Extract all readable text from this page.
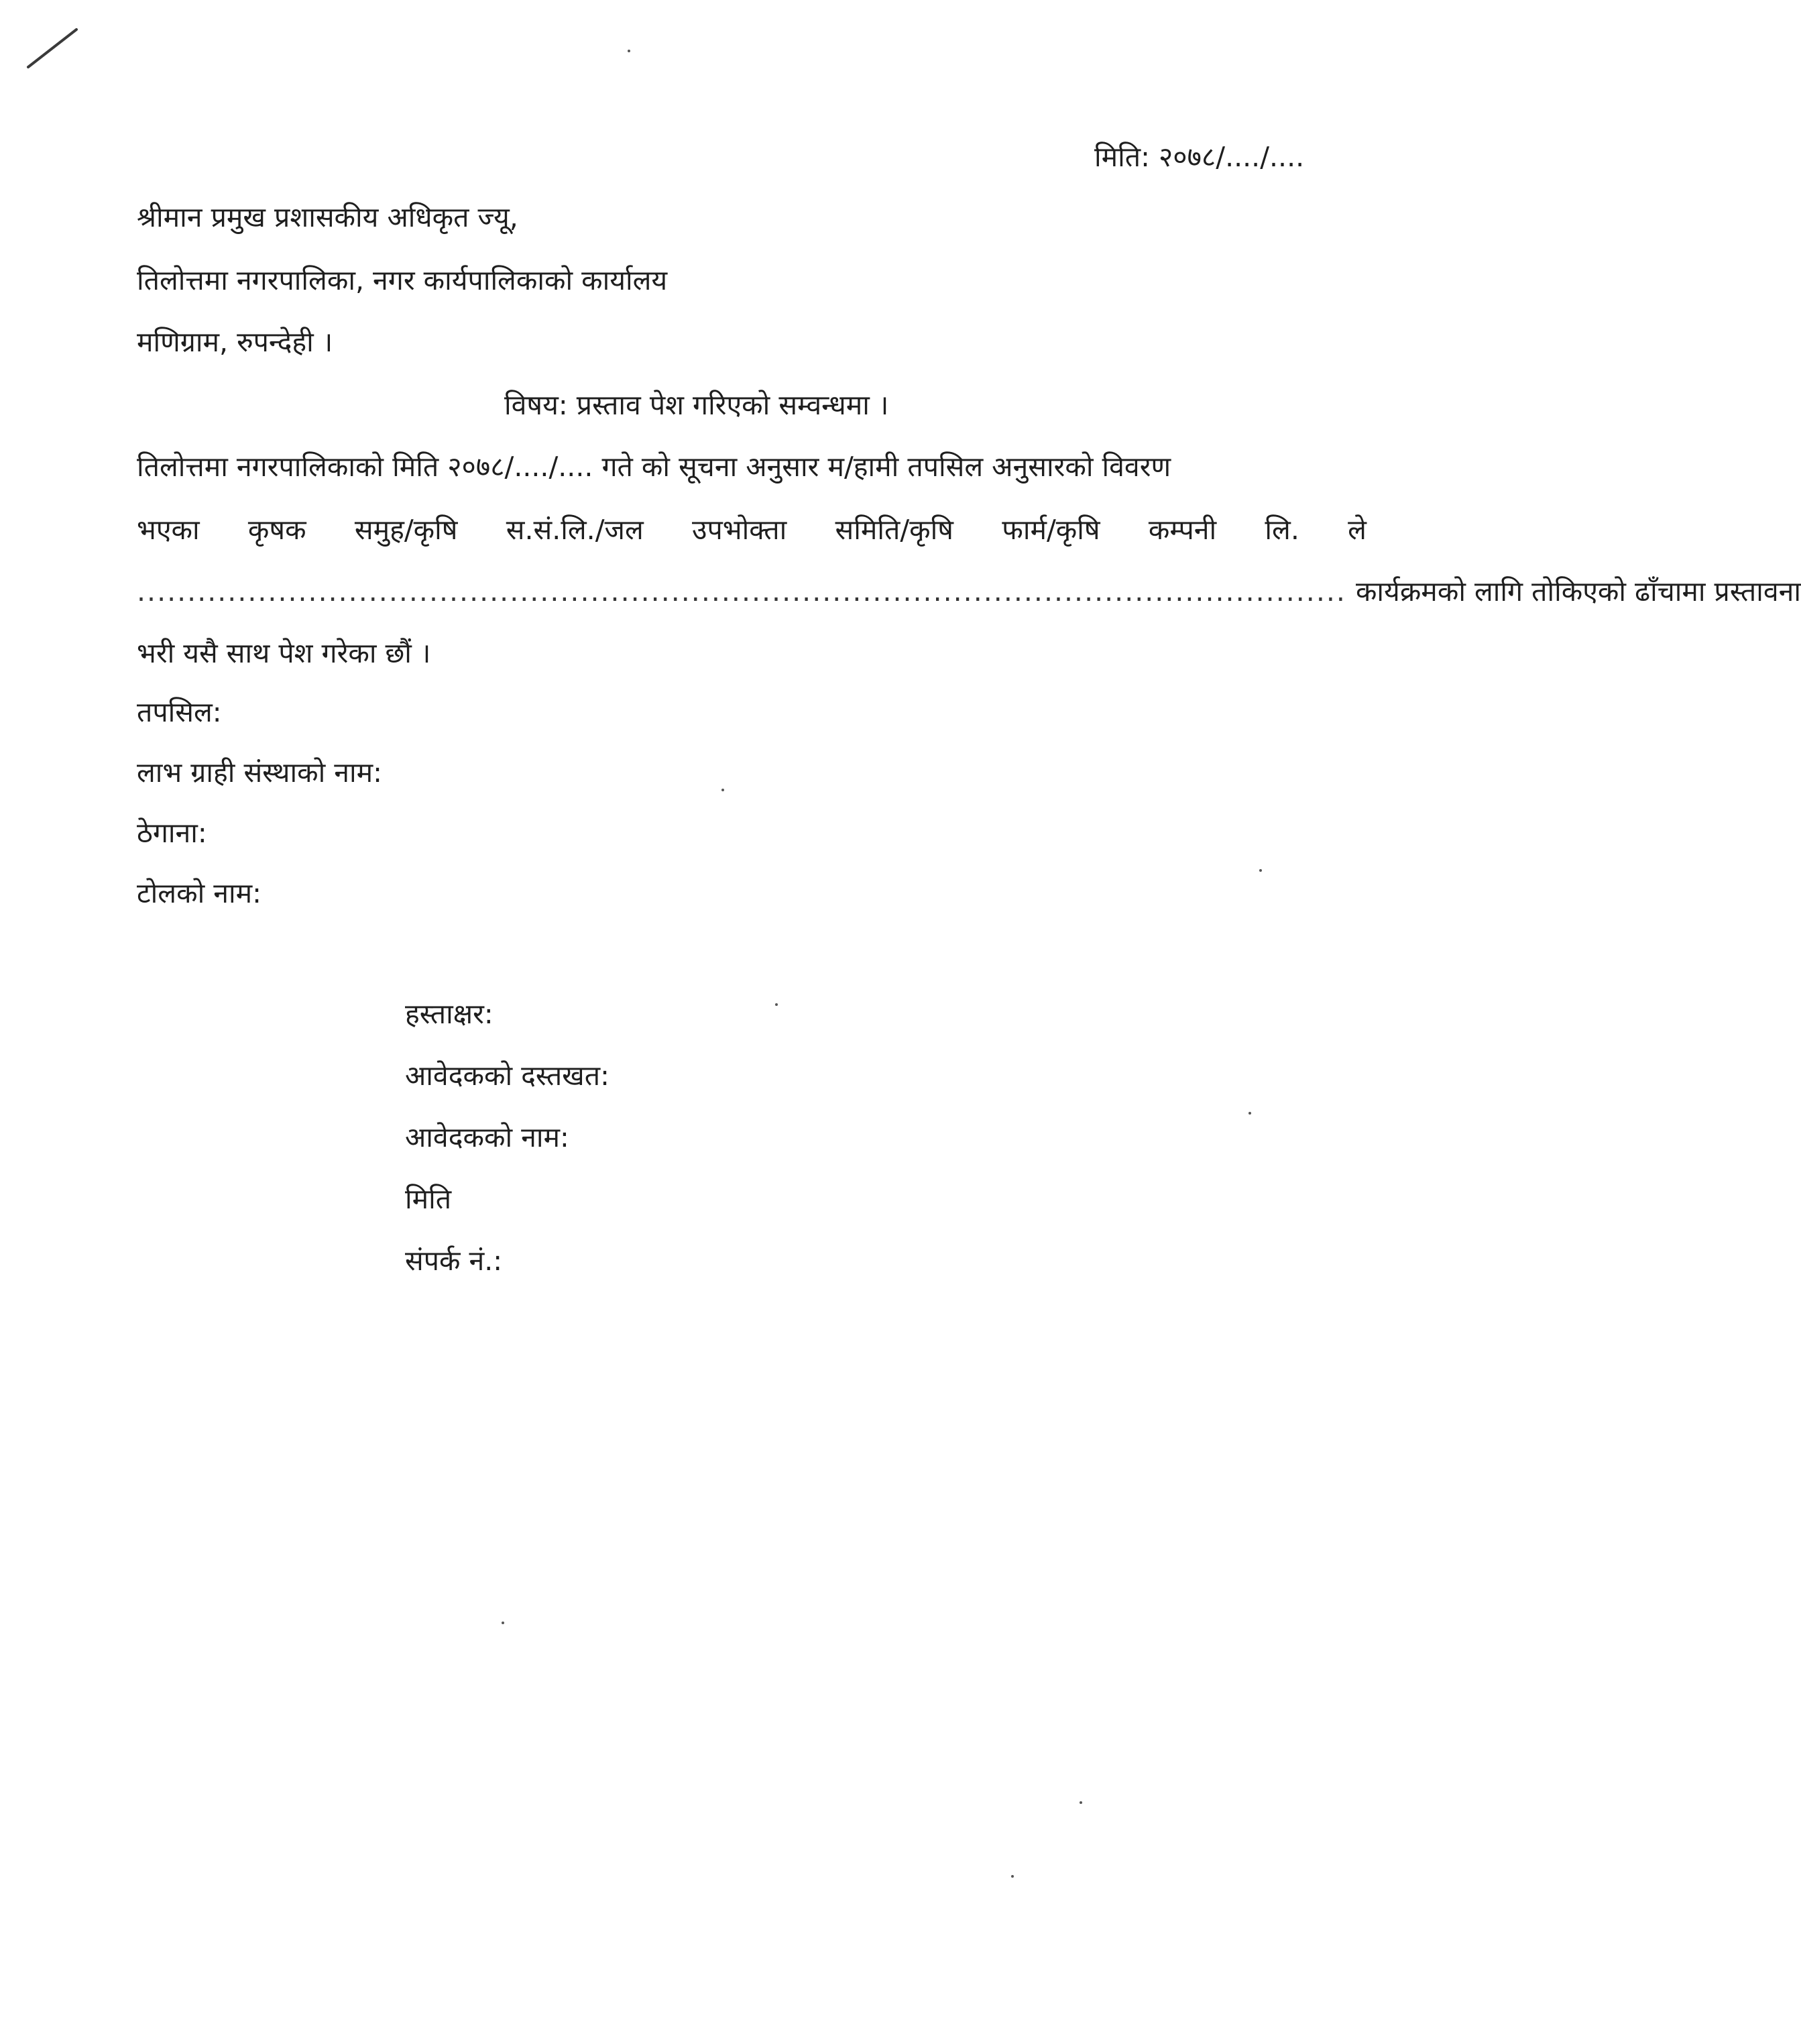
मिति: २०७८/..../....
श्रीमान प्रमुख प्रशासकीय अधिकृत ज्यू,
तिलोत्तमा नगरपालिका, नगर कार्यपालिकाको कार्यालय
मणिग्राम, रुपन्देही ।
विषय: प्रस्ताव पेश गरिएको सम्वन्धमा ।
तिलोत्तमा नगरपालिकाको मिति २०७८/..../.... गते को सूचना अनुसार म/हामी तपसिल अनुसारको विवरण
भएका कृषक समुह/कृषि स.सं.लि./जल उपभोक्ता समिति/कृषि फार्म/कृषि कम्पनी लि. ले
........................................................................................................................ कार्यक्रमको लागि तोकिएको ढाँचामा प्रस्तावना
भरी यसै साथ पेश गरेका छौं ।
तपसिल:
लाभ ग्राही संस्थाको नाम:
ठेगाना:
टोलको नाम:
हस्ताक्षर:
आवेदकको दस्तखत:
आवेदकको नाम:
मिति
संपर्क नं.:
